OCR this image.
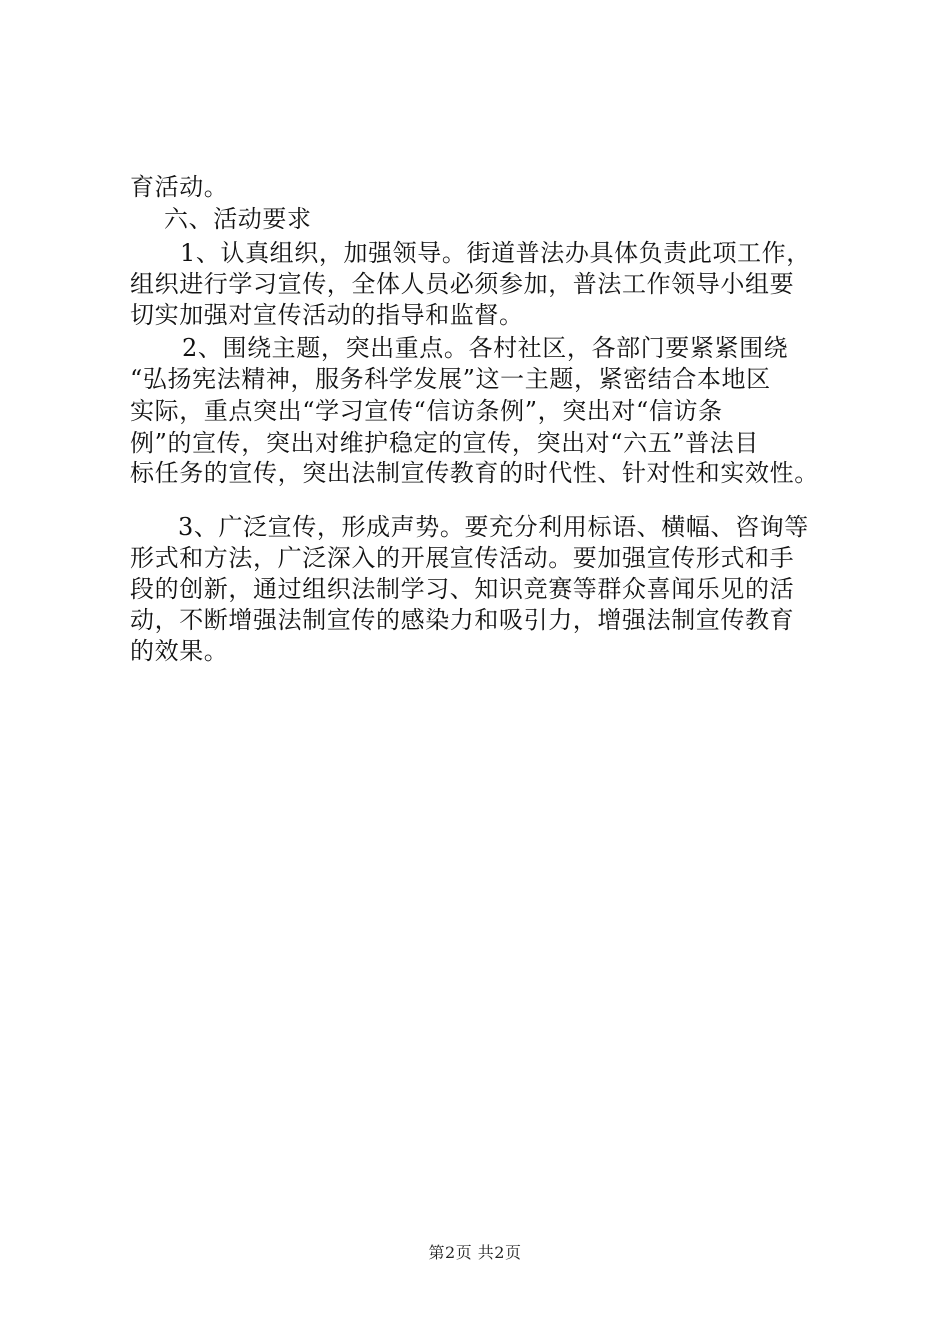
育活动。
六、活动要求
1、认真组织，加强领导。街道普法办具体负责此项工作，
组织进行学习宣传，全体人员必须参加，普法工作领导小组要
切实加强对宣传活动的指导和监督。
2、围绕主题，突出重点。各村社区，各部门要紧紧围绕
“弘扬宪法精神，服务科学发展”这一主题，紧密结合本地区
实际，重点突出“学习宣传“信访条例”，突出对“信访条
例”的宣传，突出对维护稳定的宣传，突出对“六五”普法目
标任务的宣传，突出法制宣传教育的时代性、针对性和实效性。
3、广泛宣传，形成声势。要充分利用标语、横幅、咨询等
形式和方法，广泛深入的开展宣传活动。要加强宣传形式和手
段的创新，通过组织法制学习、知识竞赛等群众喜闻乐见的活
动，不断增强法制宣传的感染力和吸引力，增强法制宣传教育
的效果。
第2页 共2页
